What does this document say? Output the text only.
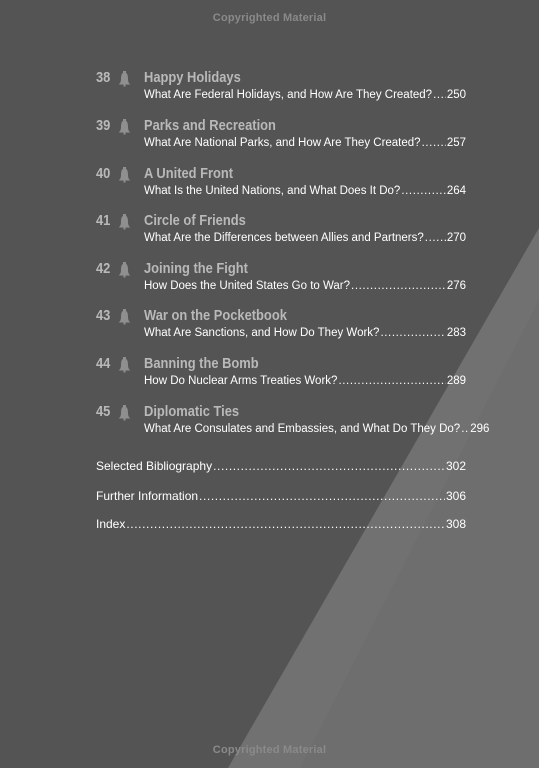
Copyrighted Material
38 Happy Holidays
What Are Federal Holidays, and How Are They Created? ..... 250
39 Parks and Recreation
What Are National Parks, and How Are They Created? ..... 257
40 A United Front
What Is the United Nations, and What Does It Do? .....	264
41 Circle of Friends
What Are the Differences between Allies and Partners? ..... 270
42 Joining the Fight
How Does the United States Go to War? .....	276
43 War on the Pocketbook
What Are Sanctions, and How Do They Work? .....	283
44 Banning the Bomb
How Do Nuclear Arms Treaties Work? .....	289
45 Diplomatic Ties
What Are Consulates and Embassies, and What Do They Do? ..... 296
Selected Bibliography .....	302
Further Information .....	306
Index .....	308
Copyrighted Material
